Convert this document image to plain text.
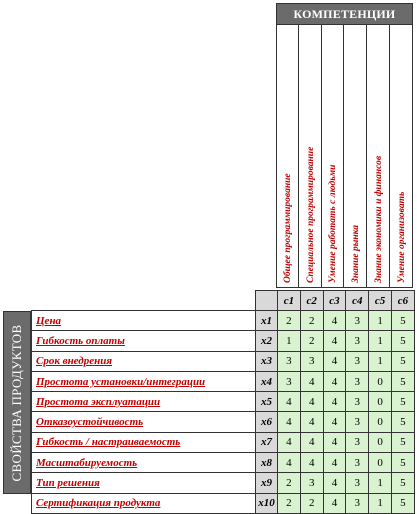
КОМПЕТЕНЦИИ
Общее программирование Специальное программирование Умение работать с людьми Знание рынка Знание экономики и финансов Умение организовать
СВОЙСТВА ПРОДУКТОВ
		c1	c2	c3	c4	c5	c6
Цена	x1	2	2	4	3	1	5
Гибкость оплаты	x2	1	2	4	3	1	5
Срок внедрения	x3	3	3	4	3	1	5
Простота установки/интеграции	x4	3	4	4	3	0	5
Простота эксплуатации	x5	4	4	4	3	0	5
Отказоустойчивость	x6	4	4	4	3	0	5
Гибкость / настраиваемость	x7	4	4	4	3	0	5
Масштабируемость	x8	4	4	4	3	0	5
Тип решения	x9	2	3	4	3	1	5
Сертификация продукта	x10	2	2	4	3	1	5
